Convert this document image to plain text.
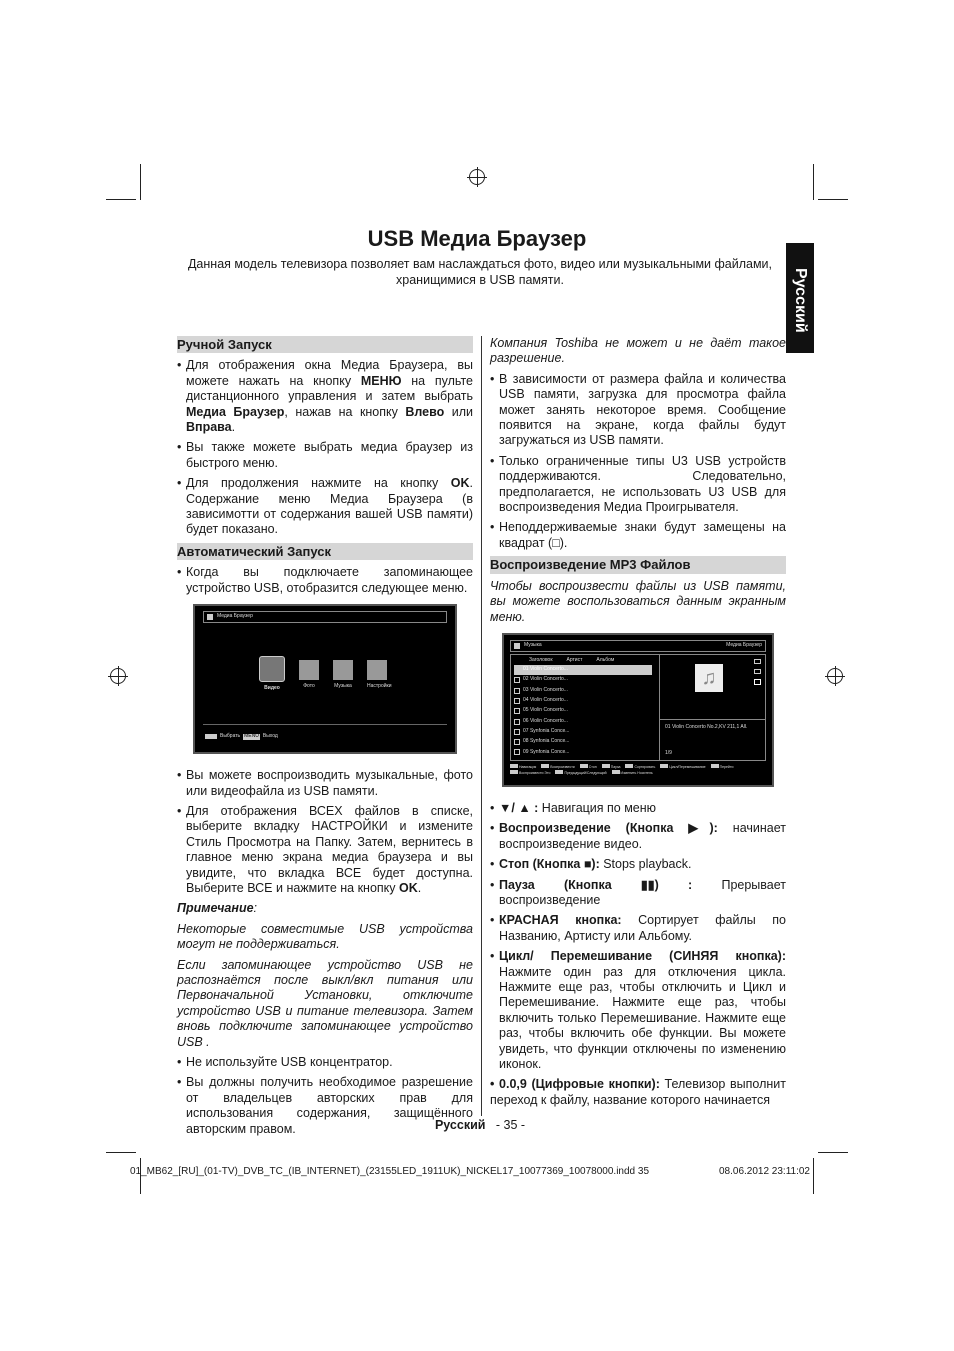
USB Медиа Браузер
Данная модель телевизора позволяет вам наслаждаться фото, видео или музыкальными файлами, хранищимися в USB памяти.	Русский
Ручной Запуск
• Для отображения окна Медиа Браузера, вы можете нажать на кнопку МЕНЮ на пульте дистанционного управления и затем выбрать Медиа Браузер, нажав на кнопку Влево или Вправа.
• Вы также можете выбрать медиа браузер из быстрого меню.
• Для продолжения нажмите на кнопку OK. Содержание меню Медиа Браузера (в зависимотти от содержания вашей USB памяти) будет показано.
Автоматический Запуск
• Когда вы подключаете запоминающее устройство USB, отобразится следующее меню.
Медиа Браузер
Видео	Фото	Музыка	Настройки
Выбрать MENU Выход
• Вы можете воспроизводить музыкальные, фото или видеофайла из USB памяти.
• Для отображения ВСЕХ файлов в списке, выберите вкладку НАСТРОЙКИ и измените Стиль Просмотра на Папку. Затем, вернитесь в главное меню экрана медиа браузера и вы увидите, что вкладка ВСЕ будет доступна. Выберите ВСЕ и нажмите на кнопку OK.
Примечание:
Некоторые совместимые USB устройства могут не поддерживаться.
Если запоминающее устройство USB не распознаётся после выкл/вкл питания или Первоначальной Установки, отключите устройство USB и питание телевизора. Затем вновь подключите запоминающее устройство USB .
• Не используйте USB концентратор.
• Вы должны получить необходимое разрешение от владельцев авторских прав для использования содержания, защищённого авторским правом.
Компания Toshiba не может и не даёт такое разрешение.
• В зависимости от размера файла и количества USB памяти, загрузка для просмотра файла может занять некоторое время. Сообщение появится на экране, когда файлы будут загружаться из USB памяти.
• Только ограниченные типы U3 USB устройств поддерживаются. Следовательно, предполагается, не использовать U3 USB для воспроизведения Медиа Проигрывателя.
• Неподдерживаемые знаки будут замещены на квадрат (□).
Воспроизведение MP3 Файлов
Чтобы воспроизвести файлы из USB памяти, вы можете воспользоваться данным экранным меню.
Музыка	Медиа Браузер
Заголовок	Артист	Альбом
01 Violin Concerto...
02 Violin Concerto...
03 Violin Concerto...
04 Violin Concerto...
05 Violin Concerto...
06 Violin Concerto...
07 Synfonia Conce...
08 Synfonia Conce...
09 Synfonia Conce...
♫
01 Violin Concerto No.2,KV 211,1 All.
1/9
Навигация	Воспроизвести	Стоп	Пауза	Сортировать	Цикл/Перемешивание	Перейти
Воспроизвести Это	Предыдущий/Следующий	Изменить Носитель
• ▼/ ▲ : Навигация по меню
• Воспроизведение (Кнопка ▶): начинает воспроизведение видео.
• Стоп (Кнопка ■): Stops playback.
• Пауза (Кнопка ▮▮) : Прерывает воспроизведение
• КРАСНАЯ кнопка: Сортирует файлы по Названию, Артисту или Альбому.
• Цикл/ Перемешивание (СИНЯЯ кнопка): Нажмите один раз для отключения цикла. Нажмите еще раз, чтобы отключить и Цикл и Перемешивание. Нажмите еще раз, чтобы включить только Перемешивание. Нажмите еще раз, чтобы включить обе функции. Вы можете увидеть, что функции отключены по изменению иконок.
• 0.0,9 (Цифровые кнопки): Телевизор выполнит переход к файлу, название которого начинается
Русский - 35 -
01_MB62_[RU]_(01-TV)_DVB_TC_(IB_INTERNET)_(23155LED_1911UK)_NICKEL17_10077369_10078000.indd 35	08.06.2012 23:11:02
